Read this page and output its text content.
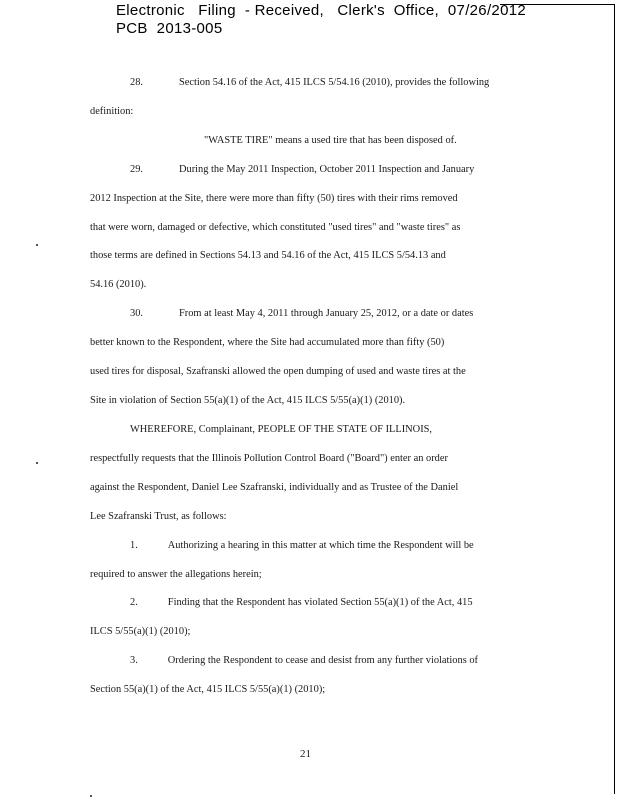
Electronic   Filing  - Received,   Clerk's  Office,  07/26/2012
PCB  2013-005
28.	Section 54.16 of the Act, 415 ILCS 5/54.16 (2010), provides the following
definition:
"WASTE TIRE" means a used tire that has been disposed of.
29.	During the May 2011 Inspection, October 2011 Inspection and January
2012 Inspection at the Site, there were more than fifty (50) tires with their rims removed
that were worn, damaged or defective, which constituted "used tires" and "waste tires" as
those terms are defined in Sections 54.13 and 54.16 of the Act, 415 ILCS 5/54.13 and
54.16 (2010).
30.	From at least May 4, 2011 through January 25, 2012, or a date or dates
better known to the Respondent, where the Site had accumulated more than fifty (50)
used tires for disposal, Szafranski allowed the open dumping of used and waste tires at the
Site in violation of Section 55(a)(1) of the Act, 415 ILCS 5/55(a)(1) (2010).
WHEREFORE, Complainant, PEOPLE OF THE STATE OF ILLINOIS,
respectfully requests that the Illinois Pollution Control Board ("Board") enter an order
against the Respondent, Daniel Lee Szafranski, individually and as Trustee of the Daniel
Lee Szafranski Trust, as follows:
1.	Authorizing a hearing in this matter at which time the Respondent will be
required to answer the allegations herein;
2.	Finding that the Respondent has violated Section 55(a)(1) of the Act, 415
ILCS 5/55(a)(1) (2010);
3.	Ordering the Respondent to cease and desist from any further violations of
Section 55(a)(1) of the Act, 415 ILCS 5/55(a)(1) (2010);
21
